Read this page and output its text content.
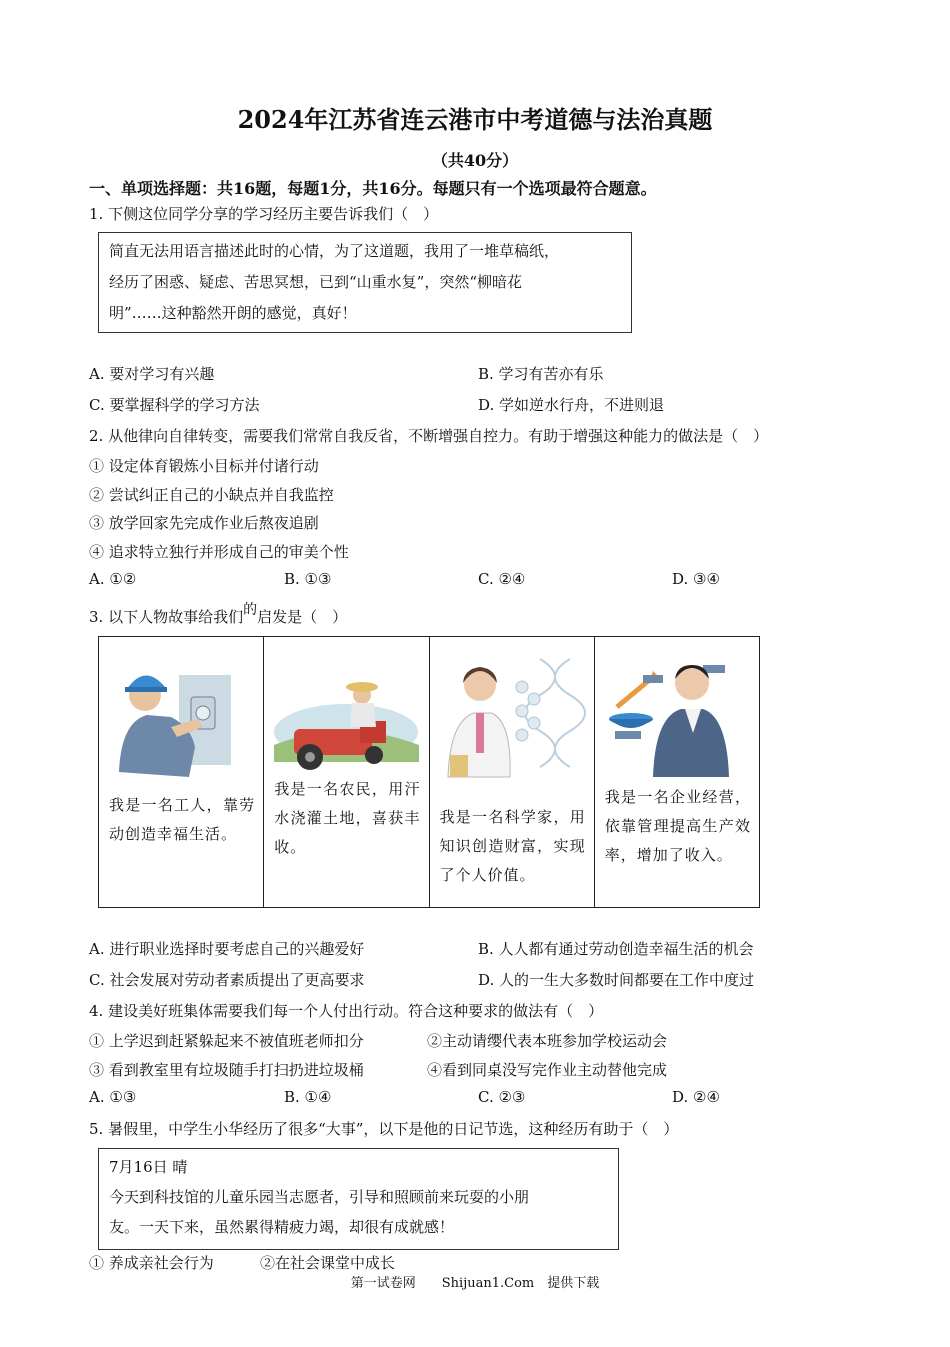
2024年江苏省连云港市中考道德与法治真题
（共40分）
一、单项选择题：共16题，每题1分，共16分。每题只有一个选项最符合题意。
1. 下侧这位同学分享的学习经历主要告诉我们（　）

简直无法用语言描述此时的心情，为了这道题，我用了一堆草稿纸，

经历了困惑、疑虑、苦思冥想，已到“山重水复”，突然“柳暗花

明”……这种豁然开朗的感觉，真好！

A. 要对学习有兴趣	B. 学习有苦亦有乐
C. 要掌握科学的学习方法	D. 学如逆水行舟，不进则退
2. 从他律向自律转变，需要我们常常自我反省，不断增强自控力。有助于增强这种能力的做法是（　）
① 设定体育锻炼小目标并付诸行动
② 尝试纠正自己的小缺点并自我监控
③ 放学回家先完成作业后熬夜追剧
④ 追求特立独行并形成自己的审美个性
A. ①②	B. ①③	C. ②④	D. ③④
3. 以下人物故事给我们的启发是（　）
我是一名工人，靠劳动创造幸福生活。
我是一名农民，用汗水浇灌土地，喜获丰收。
我是一名科学家，用知识创造财富，实现了个人价值。
我是一名企业经营，依靠管理提高生产效率，增加了收入。
A. 进行职业选择时要考虑自己的兴趣爱好	B. 人人都有通过劳动创造幸福生活的机会
C. 社会发展对劳动者素质提出了更高要求	D. 人的一生大多数时间都要在工作中度过
4. 建设美好班集体需要我们每一个人付出行动。符合这种要求的做法有（　）
① 上学迟到赶紧躲起来不被值班老师扣分	②主动请缨代表本班参加学校运动会
③ 看到教室里有垃圾随手打扫扔进垃圾桶	④看到同桌没写完作业主动替他完成
A. ①③	B. ①④	C. ②③	D. ②④
5. 暑假里，中学生小华经历了很多“大事”，以下是他的日记节选，这种经历有助于（　）

7月16日 晴

今天到科技馆的儿童乐园当志愿者，引导和照顾前来玩耍的小朋

友。一天下来，虽然累得精疲力竭，却很有成就感！

① 养成亲社会行为	②在社会课堂中成长
第一试卷网　　Shijuan1.Com　提供下载
